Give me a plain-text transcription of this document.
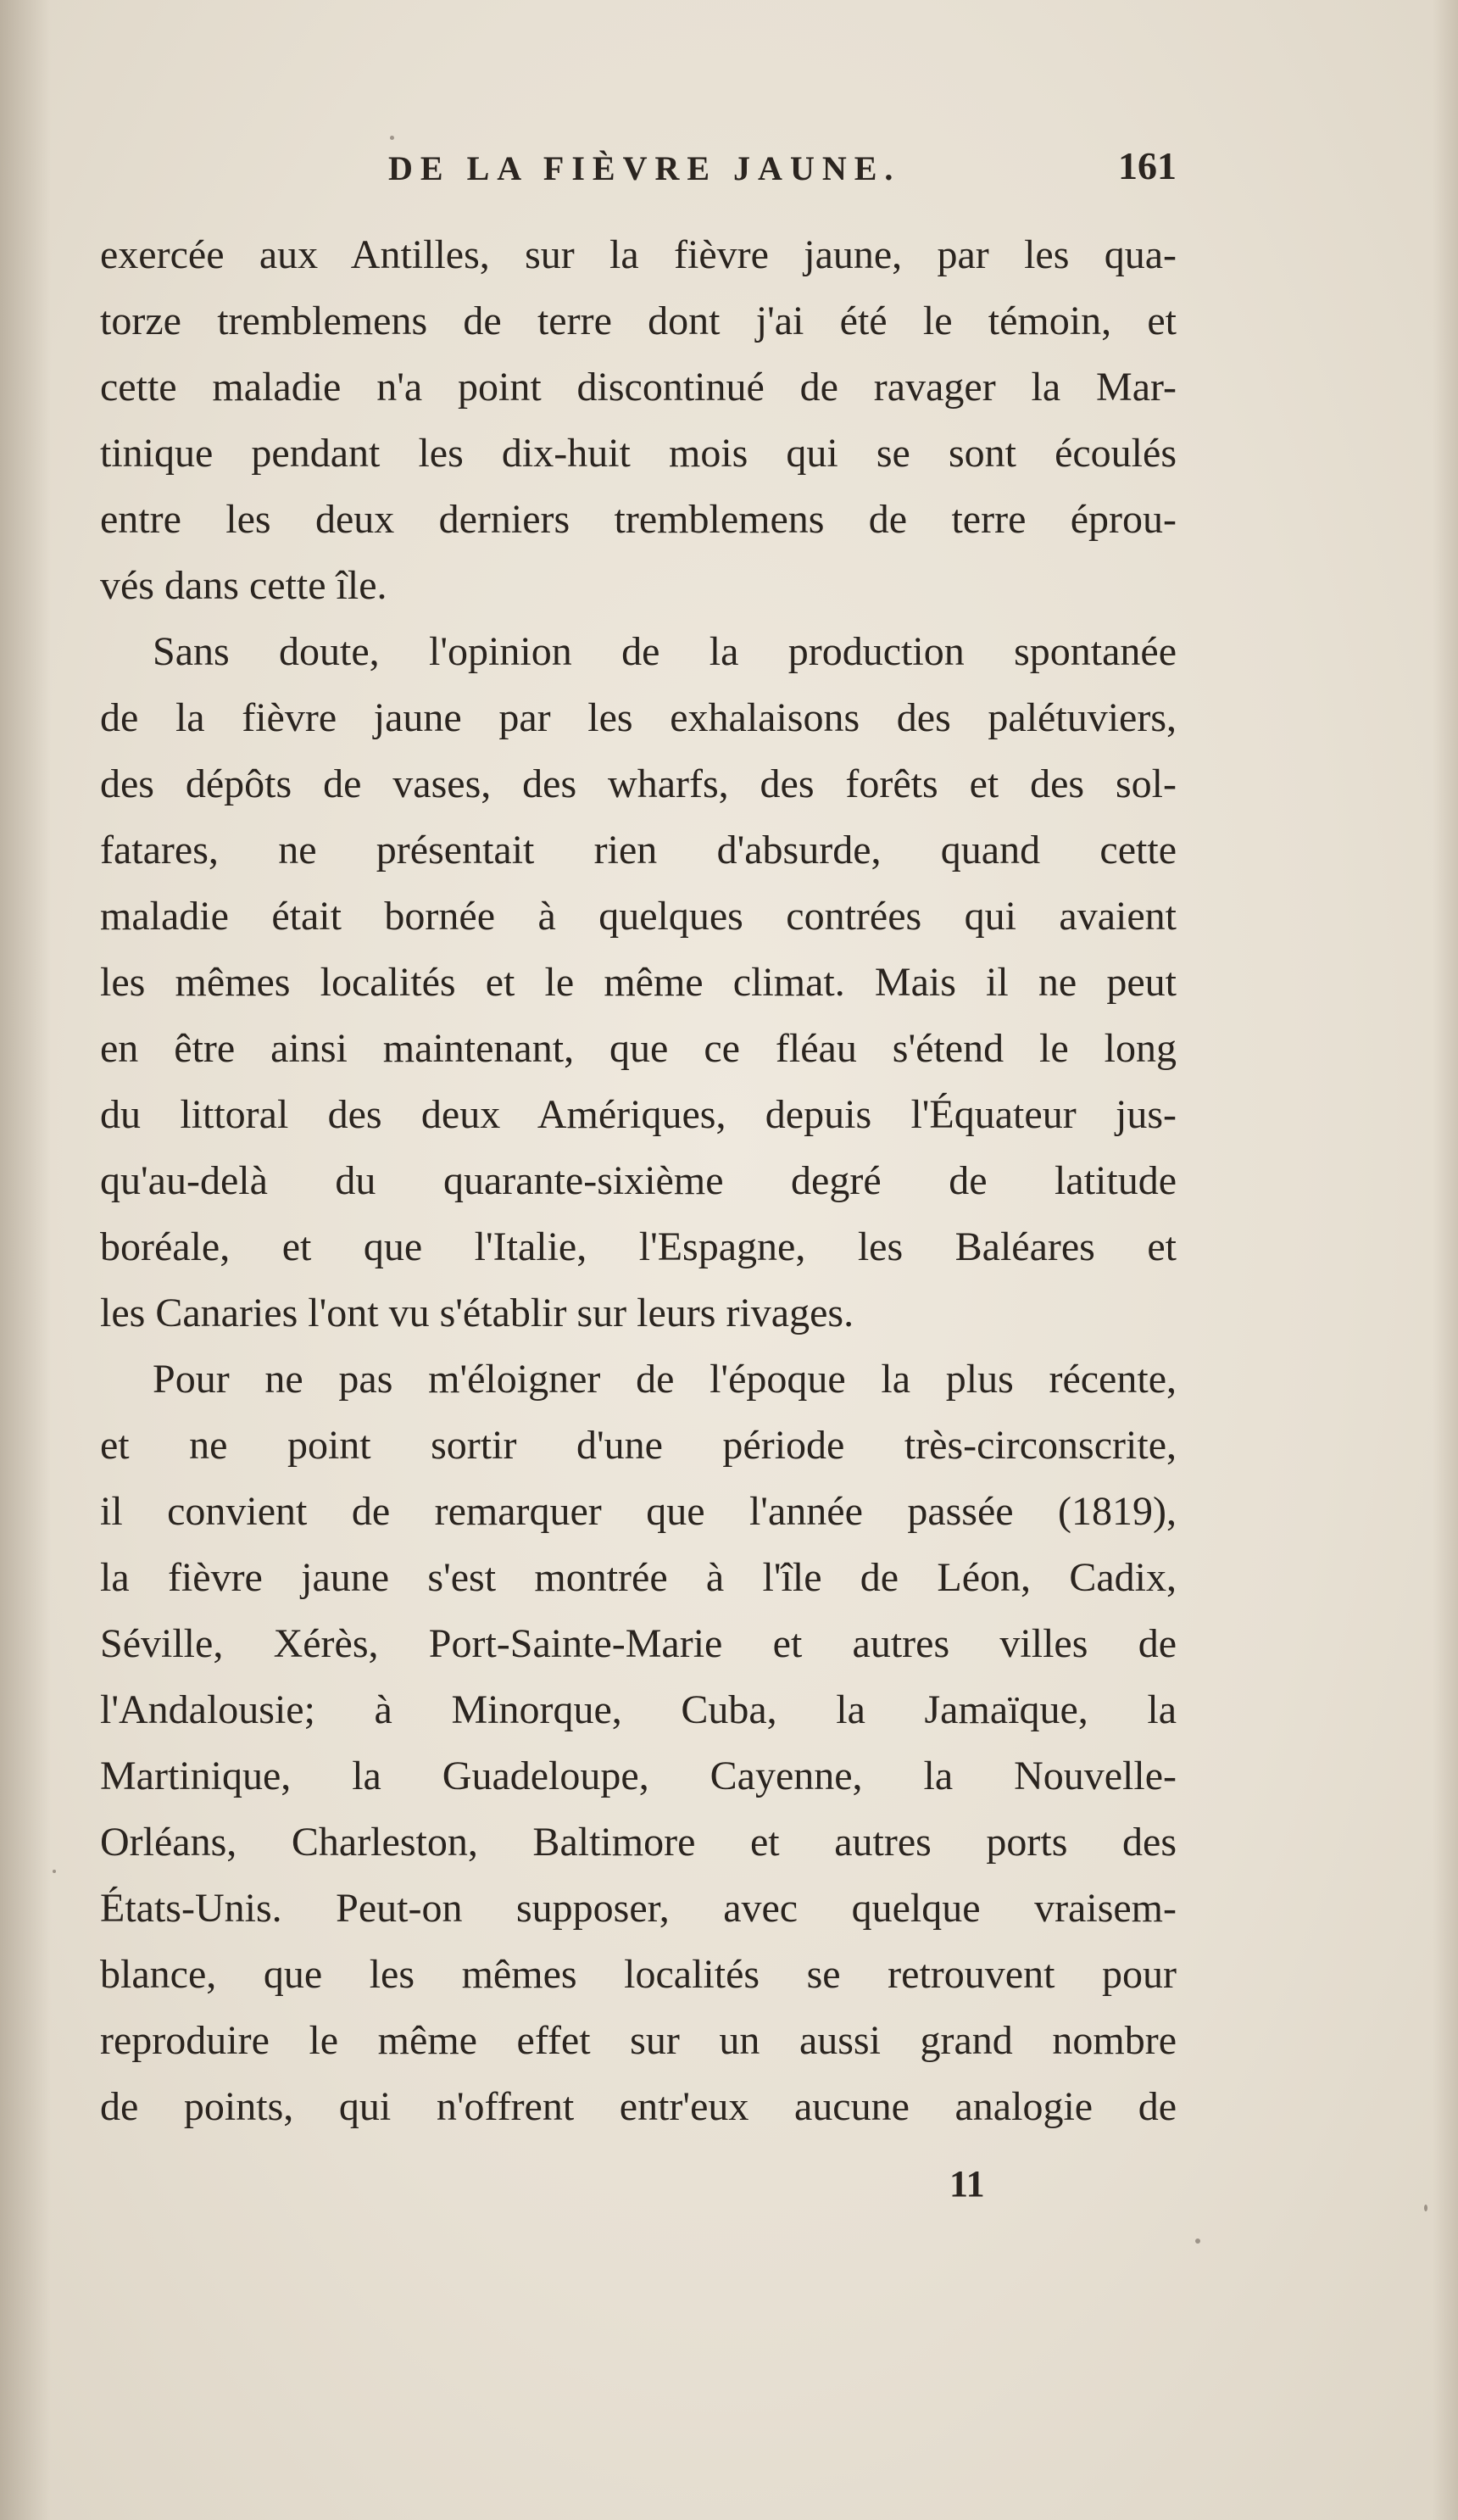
DE LA FIÈVRE JAUNE.	161
exercée aux Antilles, sur la fièvre jaune, par les qua-
torze tremblemens de terre dont j'ai été le témoin, et
cette maladie n'a point discontinué de ravager la Mar-
tinique pendant les dix-huit mois qui se sont écoulés
entre les deux derniers tremblemens de terre éprou-
vés dans cette île.
Sans doute, l'opinion de la production spontanée
de la fièvre jaune par les exhalaisons des palétuviers,
des dépôts de vases, des wharfs, des forêts et des sol-
fatares, ne présentait rien d'absurde, quand cette
maladie était bornée à quelques contrées qui avaient
les mêmes localités et le même climat. Mais il ne peut
en être ainsi maintenant, que ce fléau s'étend le long
du littoral des deux Amériques, depuis l'Équateur jus-
qu'au-delà du quarante-sixième degré de latitude
boréale, et que l'Italie, l'Espagne, les Baléares et
les Canaries l'ont vu s'établir sur leurs rivages.
Pour ne pas m'éloigner de l'époque la plus récente,
et ne point sortir d'une période très-circonscrite,
il convient de remarquer que l'année passée (1819),
la fièvre jaune s'est montrée à l'île de Léon, Cadix,
Séville, Xérès, Port-Sainte-Marie et autres villes de
l'Andalousie; à Minorque, Cuba, la Jamaïque, la
Martinique, la Guadeloupe, Cayenne, la Nouvelle-
Orléans, Charleston, Baltimore et autres ports des
États-Unis. Peut-on supposer, avec quelque vraisem-
blance, que les mêmes localités se retrouvent pour
reproduire le même effet sur un aussi grand nombre
de points, qui n'offrent entr'eux aucune analogie de
11
